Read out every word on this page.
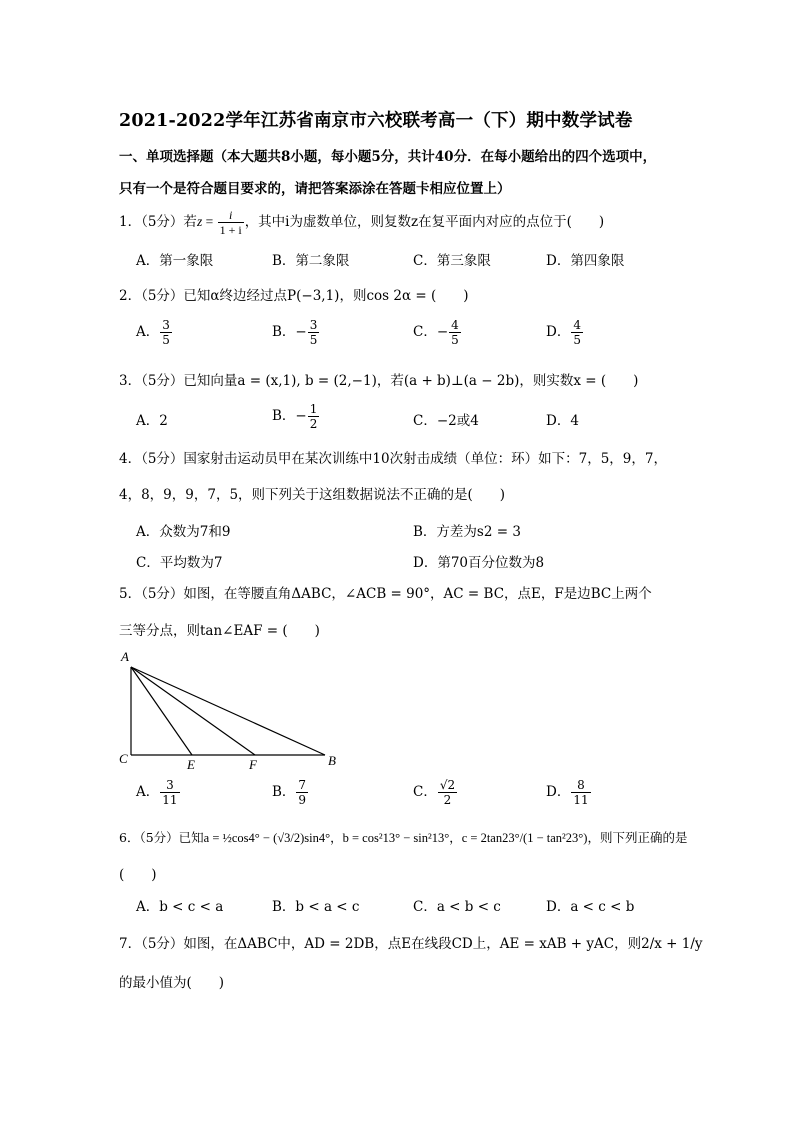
2021-2022学年江苏省南京市六校联考高一（下）期中数学试卷
一、单项选择题（本大题共8小题，每小题5分，共计40分．在每小题给出的四个选项中，
只有一个是符合题目要求的，请把答案添涂在答题卡相应位置上）
1．（5分）若$z = \frac{i}{1 + i}$ ，其中i为虚数单位，则复数z在复平面内对应的点位于(　　)
A．第一象限	B．第二象限	C．第三象限	D．第四象限
2．（5分）已知α终边经过点P(−3,1)，则cos 2α = (　　)
A． $\frac{3}{5}$	B．− $\frac{3}{5}$	C．− $\frac{4}{5}$	D． $\frac{4}{5}$
3．（5分）已知向量a = (x,1), b = (2,−1)，若(a + b)⊥(a − 2b)，则实数x = (　　)
A．2	B．− $\frac{1}{2}$	C．−2或4	D．4
4．（5分）国家射击运动员甲在某次训练中10次射击成绩（单位：环）如下：7，5，9，7，
4，8，9，9，7，5，则下列关于这组数据说法不正确的是(　　)
A．众数为7和9	B．方差为s2 = 3
C．平均数为7	D．第70百分位数为8
5．（5分）如图，在等腰直角ΔABC，∠ACB = 90°，AC = BC，点E，F是边BC上两个
三等分点，则tan∠EAF = (　　)
A
C	E	F	B
A． $\frac{3}{11}$	B． $\frac{7}{9}$	C． $\frac{√2}{2}$	D． $\frac{8}{11}$
6．（5分）已知a = ½cos4° − (√3/2)sin4°，b = cos²13° − sin²13°，c = 2tan23°/(1 − tan²23°)，则下列正确的是
(　　)
A．b < c < a	B．b < a < c	C．a < b < c	D．a < c < b
7．（5分）如图，在ΔABC中，AD = 2DB，点E在线段CD上，AE = xAB + yAC，则2/x + 1/y
的最小值为(　　)
